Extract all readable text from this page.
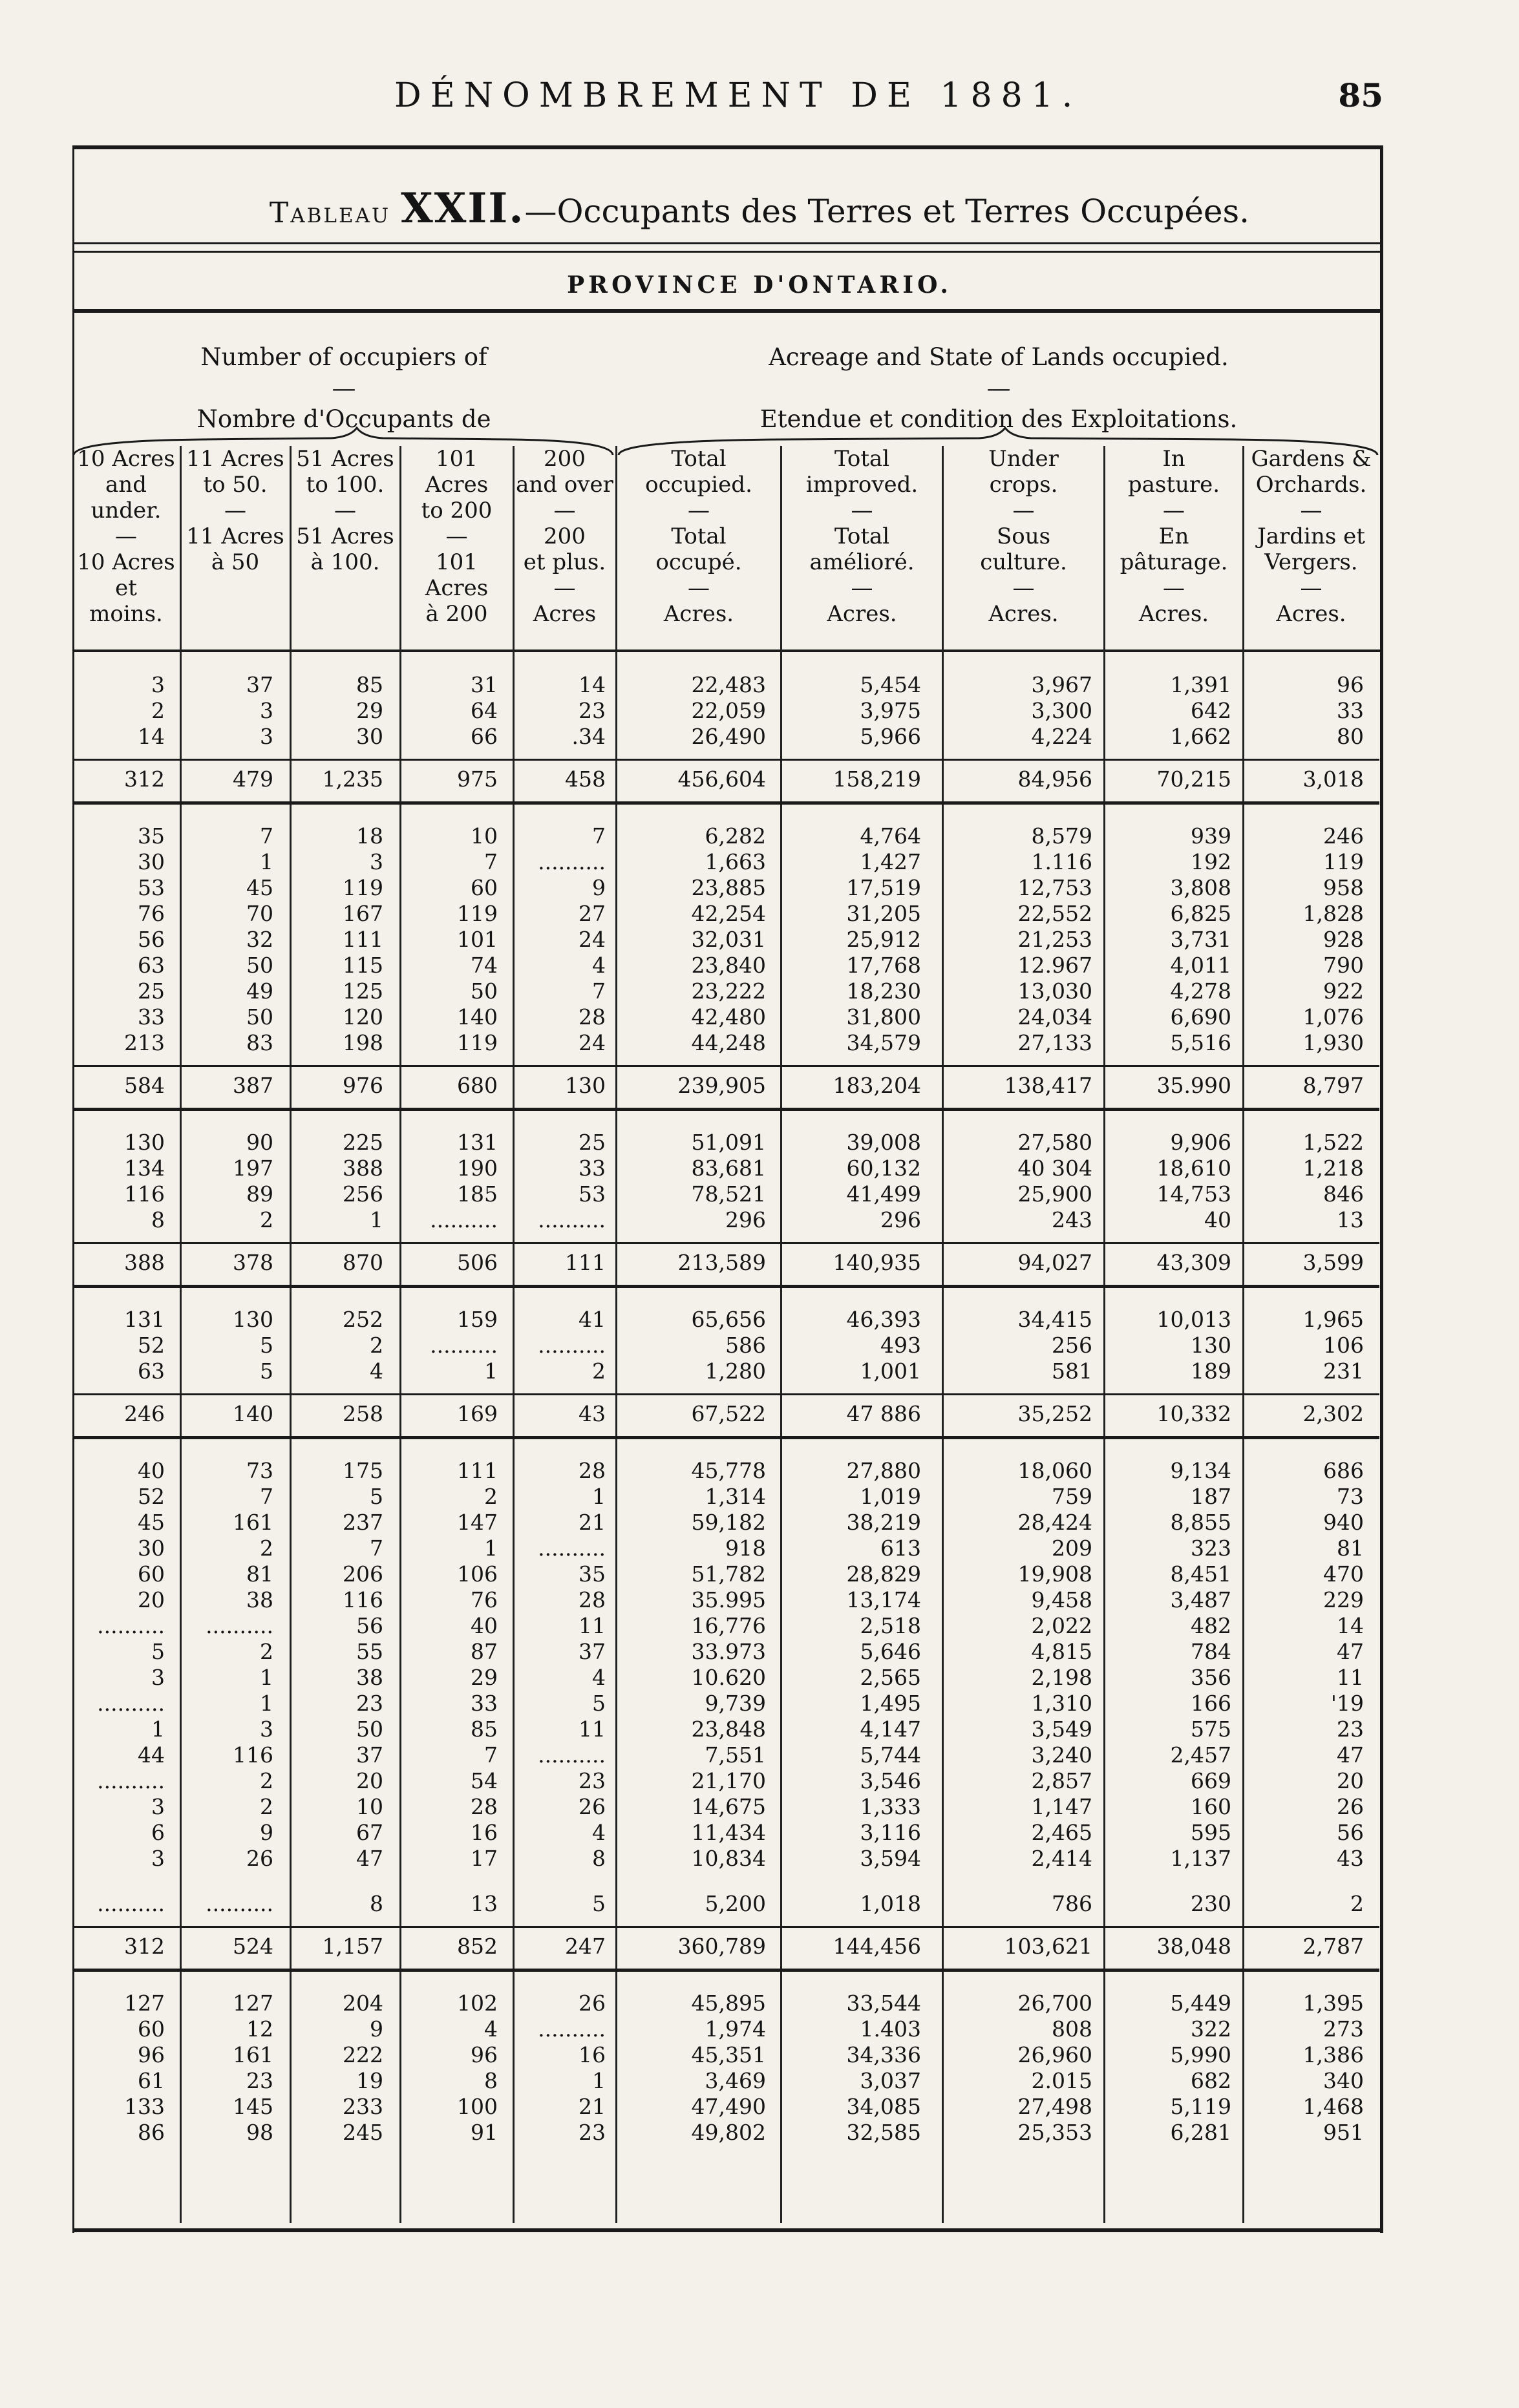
DÉNOMBREMENT DE 1881.	85
Tableau XXII.—Occupants des Terres et Terres Occupées.
PROVINCE D'ONTARIO.
Number of occupiers of
—
Nombre d'Occupants de
Acreage and State of Lands occupied.
—
Etendue et condition des Exploitations.
10 Acres
and
under.
—
10 Acres
et
moins.
11 Acres
to 50.
—
11 Acres
à 50
51 Acres
to 100.
—
51 Acres
à 100.
101
Acres
to 200
—
101
Acres
à 200
200
and over
—
200
et plus.
—
Acres
Total
occupied.
—
Total
occupé.
—
Acres.
Total
improved.
—
Total
amélioré.
—
Acres.
Under
crops.
—
Sous
culture.
—
Acres.
In
pasture.
—
En
pâturage.
—
Acres.
Gardens &
Orchards.
—
Jardins et
Vergers.
—
Acres.
3	37	85	31	14	22,483	5,454	3,967	1,391	96
2	3	29	64	23	22,059	3,975	3,300	642	33
14	3	30	66	.34	26,490	5,966	4,224	1,662	80
312	479 1,235	975	458	456,604	158,219	84,956	70,215	3,018
35	7	18	10	7	6,282	4,764	8,579	939	246
30	1	3	7 ..........	1,663	1,427	1.116	192	119
53	45	119	60	9	23,885	17,519	12,753	3,808	958
76	70	167	119	27	42,254	31,205	22,552	6,825	1,828
56	32	111	101	24	32,031	25,912	21,253	3,731	928
63	50	115	74	4	23,840	17,768	12.967	4,011	790
25	49	125	50	7	23,222	18,230	13,030	4,278	922
33	50	120	140	28	42,480	31,800	24,034	6,690	1,076
213	83	198	119	24	44,248	34,579	27,133	5,516	1,930
584	387	976	680	130	239,905	183,204	138,417	35.990	8,797
130	90	225	131	25	51,091	39,008	27,580	9,906	1,522
134	197	388	190	33	83,681	60,132	40 304	18,610	1,218
116	89	256	185	53	78,521	41,499	25,900	14,753	846
8	2	1 .......... ..........	296	296	243	40	13
388	378	870	506	111	213,589	140,935	94,027	43,309	3,599
131	130	252	159	41	65,656	46,393	34,415	10,013	1,965
52	5	2 .......... ..........	586	493	256	130	106
63	5	4	1	2	1,280	1,001	581	189	231
246	140	258	169	43	67,522	47 886	35,252	10,332	2,302
40	73	175	111	28	45,778	27,880	18,060	9,134	686
52	7	5	2	1	1,314	1,019	759	187	73
45	161	237	147	21	59,182	38,219	28,424	8,855	940
30	2	7	1 ..........	918	613	209	323	81
60	81	206	106	35	51,782	28,829	19,908	8,451	470
20	38	116	76	28	35.995	13,174	9,458	3,487	229
.......... ..........	56	40	11	16,776	2,518	2,022	482	14
5	2	55	87	37	33.973	5,646	4,815	784	47
3	1	38	29	4	10.620	2,565	2,198	356	11
..........	1	23	33	5	9,739	1,495	1,310	166	'19
1	3	50	85	11	23,848	4,147	3,549	575	23
44	116	37	7 ..........	7,551	5,744	3,240	2,457	47
..........	2	20	54	23	21,170	3,546	2,857	669	20
3	2	10	28	26	14,675	1,333	1,147	160	26
6	9	67	16	4	11,434	3,116	2,465	595	56
3	26	47	17	8	10,834	3,594	2,414	1,137	43
.......... ..........	8	13	5	5,200	1,018	786	230	2
312	524 1,157	852	247	360,789	144,456	103,621	38,048	2,787
127	127	204	102	26	45,895	33,544	26,700	5,449	1,395
60	12	9	4 ..........	1,974	1.403	808	322	273
96	161	222	96	16	45,351	34,336	26,960	5,990	1,386
61	23	19	8	1	3,469	3,037	2.015	682	340
133	145	233	100	21	47,490	34,085	27,498	5,119	1,468
86	98	245	91	23	49,802	32,585	25,353	6,281	951
